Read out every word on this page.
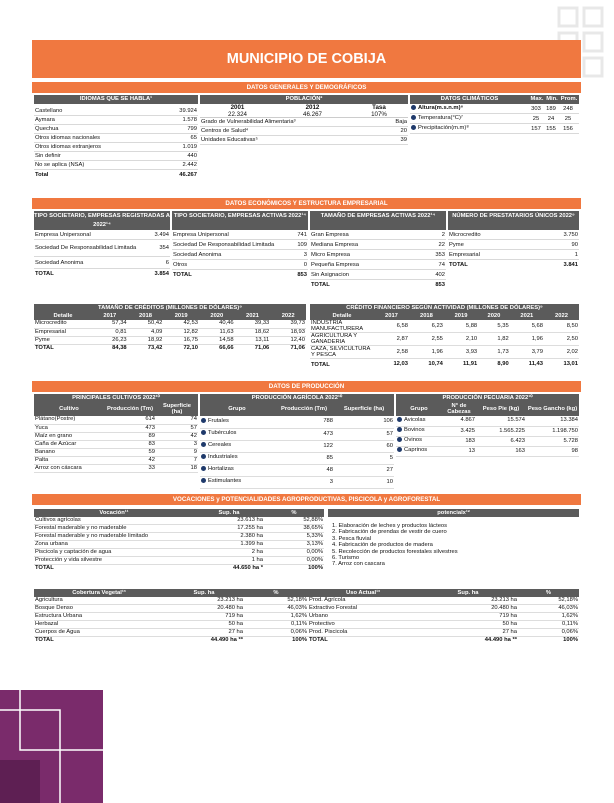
MUNICIPIO DE COBIJA
DATOS GENERALES Y DEMOGRÁFICOS
IDIOMAS QUE SE HABLA¹
Castellano	39.924
Aymara	1.578
Quechua	799
Otros idiomas nacionales	65
Otros idiomas extranjeros	1.019
Sin definir	440
No se aplica (NSA)	2.442
Total	46.267
POBLACIÓN²
2001	2012	Tasa
22.324	46.267	107%
Grado de Vulnerabilidad Alimentaria³	Baja
Centros de Salud⁴	20
Unidades Educativas⁵	39
DATOS CLIMÁTICOS	Max. Min. Prom.
Altura(m.s.n.m)⁶	303 189	248
Temperatura(°C)⁷	25	24	25
Precipitación(m.m)⁸	157 155	156
DATOS ECONÓMICOS Y ESTRUCTURA EMPRESARIAL
TIPO SOCIETARIO, EMPRESAS REGISTRADAS A 2022¹⁴
Empresa Unipersonal	3.494
Sociedad De Responsabilidad Limitada	354
Sociedad Anonima	6
TOTAL	3.854
TIPO SOCIETARIO, EMPRESAS ACTIVAS 2022¹⁴
Empresa Unipersonal	741
Sociedad De Responsabilidad Limitada	109
Sociedad Anonima	3
Otros	0
TOTAL	853
TAMAÑO DE EMPRESAS ACTIVAS 2022¹⁴
Gran Empresa	2
Mediana Empresa	22
Micro Empresa	353
Pequeña Empresa	74
Sin Asignacion	402
TOTAL	853
NÚMERO DE PRESTATARIOS ÚNICOS 2022⁹
Microcredito	3.750
Pyme	90
Empresarial	1
TOTAL	3.841
TAMAÑO DE CRÉDITOS (MILLONES DE DÓLARES)⁹
Detalle	2017	2018	2019	2020	2021	2022
Microcredito	57,34	50,42	42,53	40,46	39,33	39,73
Empresarial	0,81	4,09	12,82	11,63	18,62	18,93
Pyme	26,23	18,92	16,75	14,58	13,11	12,40
TOTAL	84,38	73,42	72,10	66,66	71,06	71,06
CRÉDITO FINANCIERO SEGÚN ACTIVIDAD (MILLONES DE DÓLARES)⁹
Detalle	2017	2018	2019	2020	2021	2022
INDUSTRIA MANUFACTURERA	6,58	6,23	5,88	5,35	5,68	8,50
AGRICULTURA Y GANADERIA	2,87	2,55	2,10	1,82	1,96	2,50
CAZA, SILVICULTURA Y PESCA	2,58	1,96	3,93	1,73	3,79	2,02
TOTAL	12,03	10,74	11,91	8,90	11,43	13,01
DATOS DE PRODUCCIÓN
PRINCIPALES CULTIVOS 2022¹⁰
Cultivo	Producción (Tm)	Superficie (ha)
Plátano(Postre)	614	74
Yuca	473	57
Maíz en grano	89	42
Caña de Azúcar	83	3
Banano	59	9
Palta	42	7
Arroz con cáscara	33	18
PRODUCCIÓN AGRÍCOLA 2022¹⁰
Grupo	Producción (Tm)	Superficie (ha)
Frutales	788	106
Tubérculos	473	57
Cereales	122	60
Industriales	85	5
Hortalizas	48	27
Estimulantes	3	10
PRODUCCIÓN PECUARIA 2022¹⁰
Grupo	N° de Cabezas	Peso Pie (kg)	Peso Gancho (kg)
Avicolas	4.867	15.574	13.384
Bovinos	3.425	1.565.225	1.198.750
Ovinos	183	6.423	5.728
Caprinos	13	163	98
VOCACIONES y POTENCIALIDADES AGROPRODUCTIVAS, PISCICOLA y AGROFORESTAL
Vocación¹¹	Sup. ha	%
Cultivos agrícolas	23.613 ha	52,88%
Forestal maderable y no maderable	17.255 ha	38,65%
Forestal maderable y no maderable limitado	2.380 ha	5,33%
Zona urbana	1.399 ha	3,13%
Piscicola y captación de agua	2 ha	0,00%
Protección y vida silvestre	1 ha	0,00%
TOTAL	44.650 ha *	100%
potencialx¹²
1. Elaboración de leches y productos lácteos
2. Fabricación de prendas de vestir de cuero
3. Pesca fluvial
4. Fabricación de productos de madera
5. Recolección de productos forestales silvestres
6. Turismo
7. Arroz con cascara
Cobertura Vegetal¹³	Sup. ha	%
Agricultura	23.213 ha	52,18%
Bosque Denso	20.480 ha	46,03%
Estructura Urbana	719 ha	1,62%
Herbazal	50 ha	0,11%
Cuerpos de Agua	27 ha	0,06%
TOTAL	44.490 ha **	100%
Uso Actual¹³	Sup. ha	%
Prod. Agrícola	23.213 ha	52,18%
Extractivo Forestal	20.480 ha	46,03%
Urbano	719 ha	1,62%
Protectivo	50 ha	0,11%
Prod. Piscicola	27 ha	0,06%
TOTAL	44.490 ha **	100%
